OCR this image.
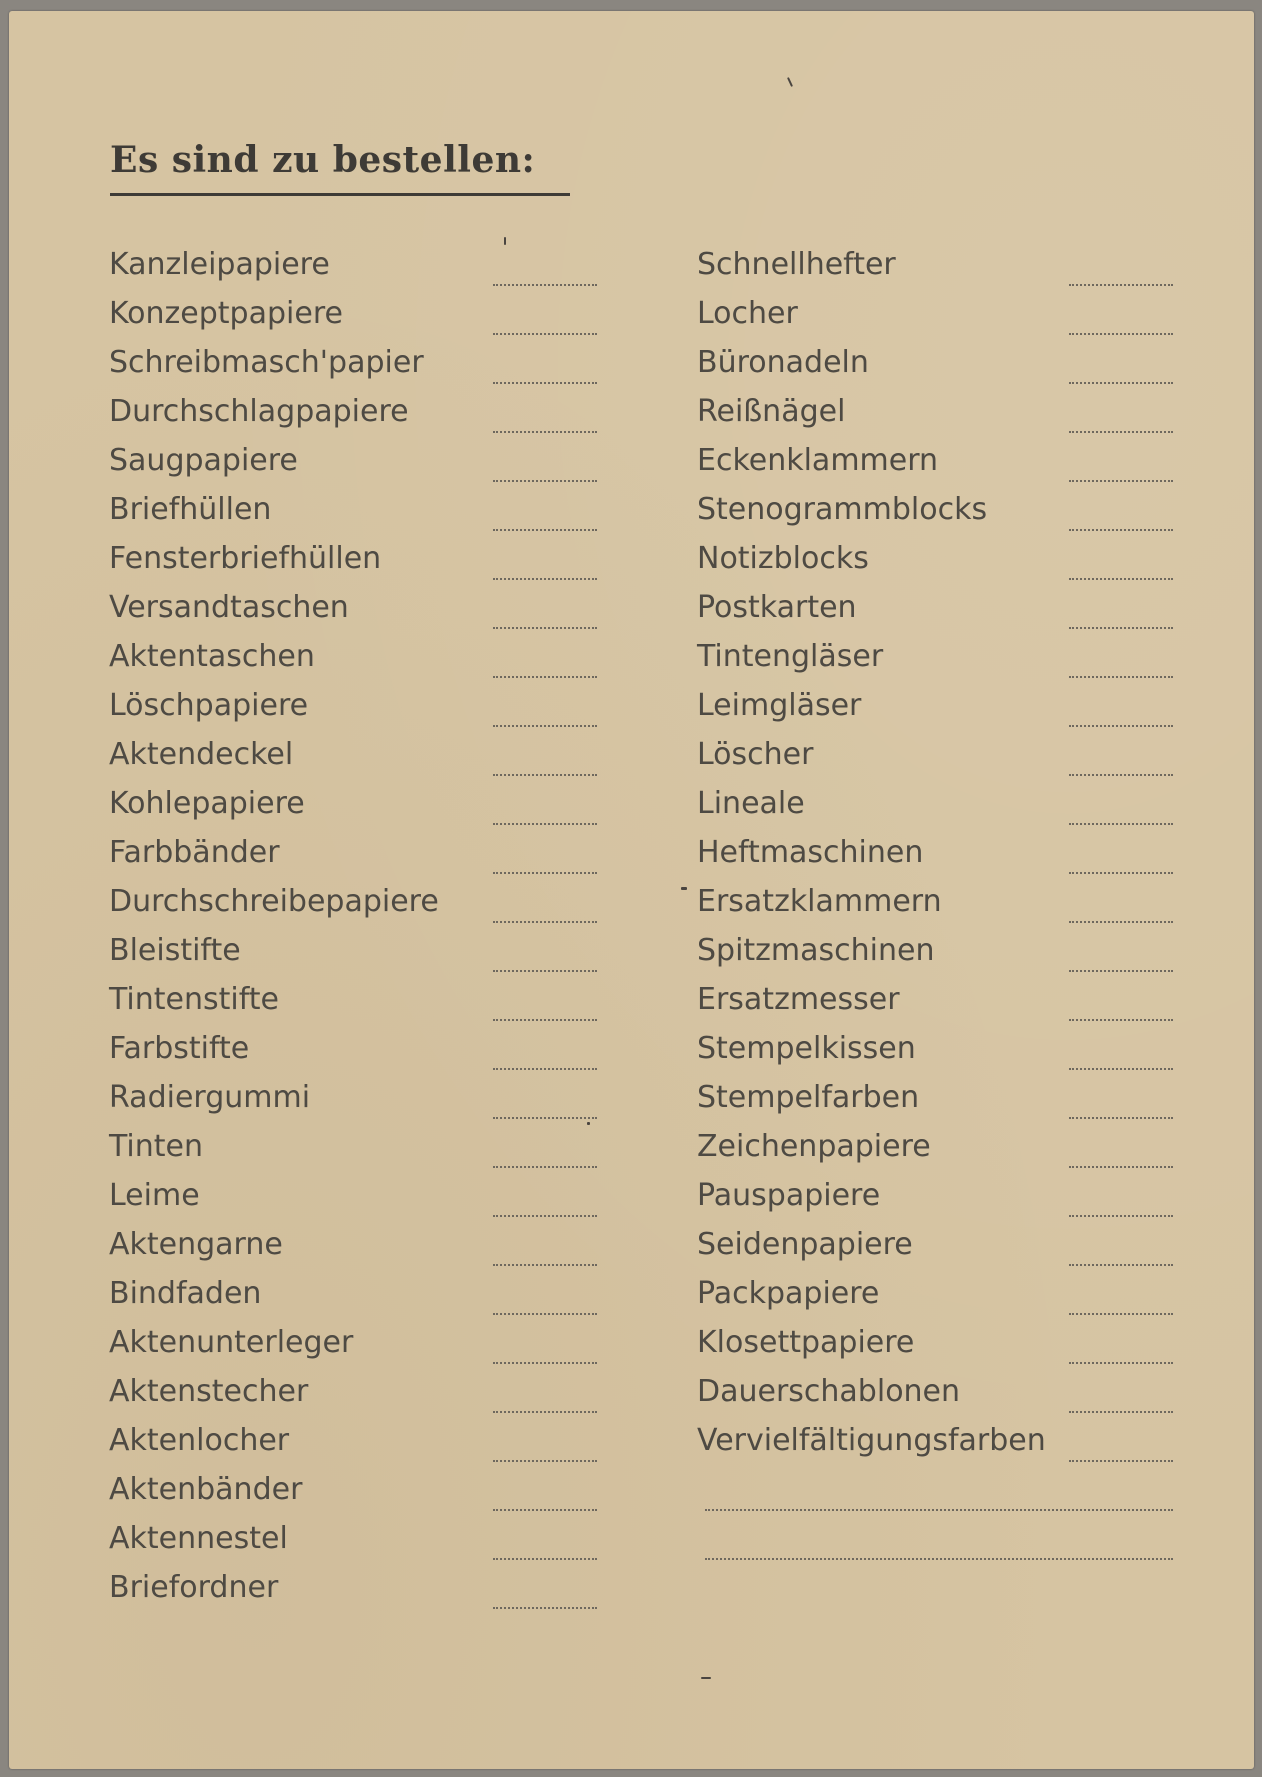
Es sind zu bestellen:
Kanzleipapiere
Konzeptpapiere
Schreibmasch'papier
Durchschlagpapiere
Saugpapiere
Briefhüllen
Fensterbriefhüllen
Versandtaschen
Aktentaschen
Löschpapiere
Aktendeckel
Kohlepapiere
Farbbänder
Durchschreibepapiere
Bleistifte
Tintenstifte
Farbstifte
Radiergummi
Tinten
Leime
Aktengarne
Bindfaden
Aktenunterleger
Aktenstecher
Aktenlocher
Aktenbänder
Aktennestel
Briefordner
Schnellhefter
Locher
Büronadeln
Reißnägel
Eckenklammern
Stenogrammblocks
Notizblocks
Postkarten
Tintengläser
Leimgläser
Löscher
Lineale
Heftmaschinen
Ersatzklammern
Spitzmaschinen
Ersatzmesser
Stempelkissen
Stempelfarben
Zeichenpapiere
Pauspapiere
Seidenpapiere
Packpapiere
Klosettpapiere
Dauerschablonen
Vervielfältigungsfarben
